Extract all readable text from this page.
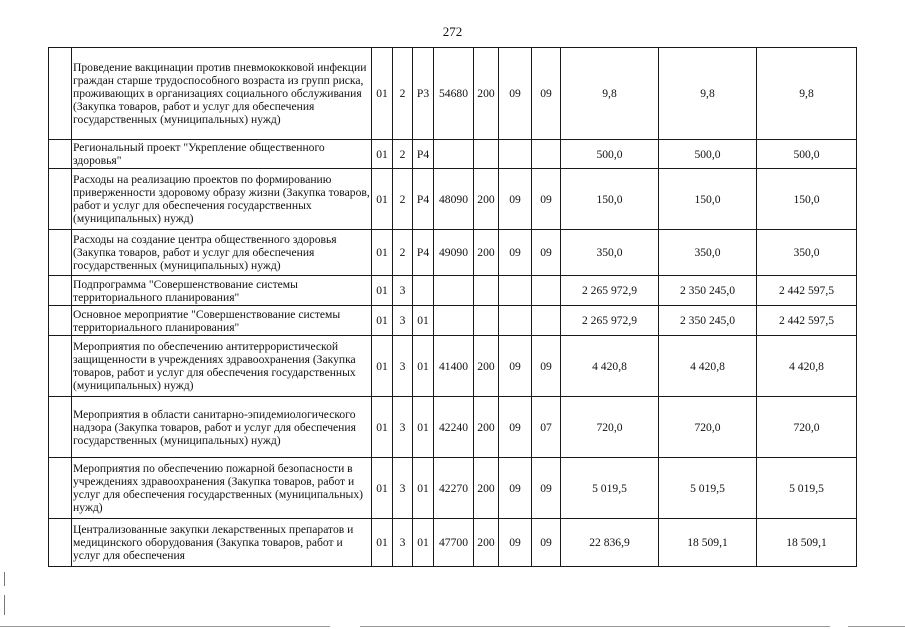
272
	Проведение вакцинации против пневмококковой инфекции граждан старше трудоспособного возраста из групп риска, проживающих в организациях социального обслуживания (Закупка товаров, работ и услуг для обеспечения государственных (муниципальных) нужд)	01	2	Р3	54680	200	09	09	9,8	9,8	9,8
	Региональный проект "Укрепление общественного здоровья"	01	2	Р4					500,0	500,0	500,0
	Расходы на реализацию проектов по формированию приверженности здоровому образу жизни (Закупка товаров, работ и услуг для обеспечения государственных (муниципальных) нужд)	01	2	Р4	48090	200	09	09	150,0	150,0	150,0
	Расходы на создание центра общественного здоровья (Закупка товаров, работ и услуг для обеспечения государственных (муниципальных) нужд)	01	2	Р4	49090	200	09	09	350,0	350,0	350,0
	Подпрограмма "Совершенствование системы территориального планирования"	01	3						2 265 972,9	2 350 245,0	2 442 597,5
	Основное мероприятие "Совершенствование системы территориального планирования"	01	3	01					2 265 972,9	2 350 245,0	2 442 597,5
	Мероприятия по обеспечению антитеррористической защищенности в учреждениях здравоохранения (Закупка товаров, работ и услуг для обеспечения государственных (муниципальных) нужд)	01	3	01	41400	200	09	09	4 420,8	4 420,8	4 420,8
	Мероприятия в области санитарно-эпидемиологического надзора (Закупка товаров, работ и услуг для обеспечения государственных (муниципальных) нужд)	01	3	01	42240	200	09	07	720,0	720,0	720,0
	Мероприятия по обеспечению пожарной безопасности в учреждениях здравоохранения (Закупка товаров, работ и услуг для обеспечения государственных (муниципальных) нужд)	01	3	01	42270	200	09	09	5 019,5	5 019,5	5 019,5
	Централизованные закупки лекарственных препаратов и медицинского оборудования (Закупка товаров, работ и услуг для обеспечения	01	3	01	47700	200	09	09	22 836,9	18 509,1	18 509,1
